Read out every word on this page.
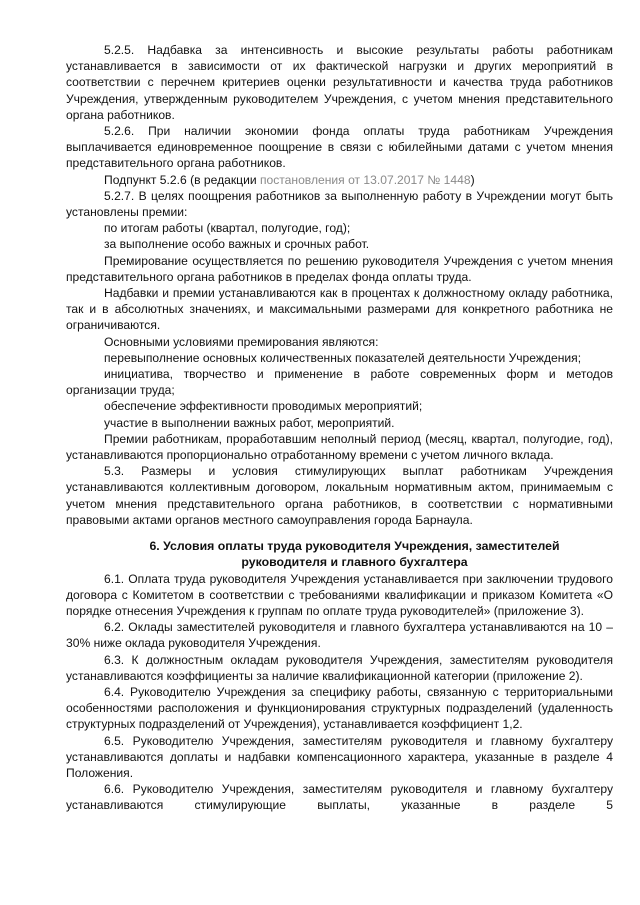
5.2.5. Надбавка за интенсивность и высокие результаты работы работникам устанавливается в зависимости от их фактической нагрузки и других мероприятий в соответствии с перечнем критериев оценки результативности и качества труда работников Учреждения, утвержденным руководителем Учреждения, с учетом мнения представительного органа работников.

5.2.6. При наличии экономии фонда оплаты труда работникам Учреждения выплачивается единовременное поощрение в связи с юбилейными датами с учетом мнения представительного органа работников.

Подпункт 5.2.6 (в редакции постановления от 13.07.2017 № 1448)

5.2.7. В целях поощрения работников за выполненную работу в Учреждении могут быть установлены премии:

по итогам работы (квартал, полугодие, год);

за выполнение особо важных и срочных работ.

Премирование осуществляется по решению руководителя Учреждения с учетом мнения представительного органа работников в пределах фонда оплаты труда.

Надбавки и премии устанавливаются как в процентах к должностному окладу работника, так и в абсолютных значениях, и максимальными размерами для конкретного работника не ограничиваются.

Основными условиями премирования являются:

перевыполнение основных количественных показателей деятельности Учреждения;

инициатива, творчество и применение в работе современных форм и методов организации труда;

обеспечение эффективности проводимых мероприятий;

участие в выполнении важных работ, мероприятий.

Премии работникам, проработавшим неполный период (месяц, квартал, полугодие, год), устанавливаются пропорционально отработанному времени с учетом личного вклада.

5.3. Размеры и условия стимулирующих выплат работникам Учреждения устанавливаются коллективным договором, локальным нормативным актом, принимаемым с учетом мнения представительного органа работников, в соответствии с нормативными правовыми актами органов местного самоуправления города Барнаула.

6. Условия оплаты труда руководителя Учреждения, заместителей

руководителя и главного бухгалтера

6.1. Оплата труда руководителя Учреждения устанавливается при заключении трудового договора с Комитетом в соответствии с требованиями квалификации и приказом Комитета «О порядке отнесения Учреждения к группам по оплате труда руководителей» (приложение 3).

6.2. Оклады заместителей руководителя и главного бухгалтера устанавливаются на 10 – 30% ниже оклада руководителя Учреждения.

6.3. К должностным окладам руководителя Учреждения, заместителям руководителя устанавливаются коэффициенты за наличие квалификационной категории (приложение 2).

6.4. Руководителю Учреждения за специфику работы, связанную с территориальными особенностями расположения и функционирования структурных подразделений (удаленность структурных подразделений от Учреждения), устанавливается коэффициент 1,2.

6.5. Руководителю Учреждения, заместителям руководителя и главному бухгалтеру устанавливаются доплаты и надбавки компенсационного характера, указанные в разделе 4 Положения.

6.6. Руководителю Учреждения, заместителям руководителя и главному бухгалтеру устанавливаются стимулирующие выплаты, указанные в разделе 5
